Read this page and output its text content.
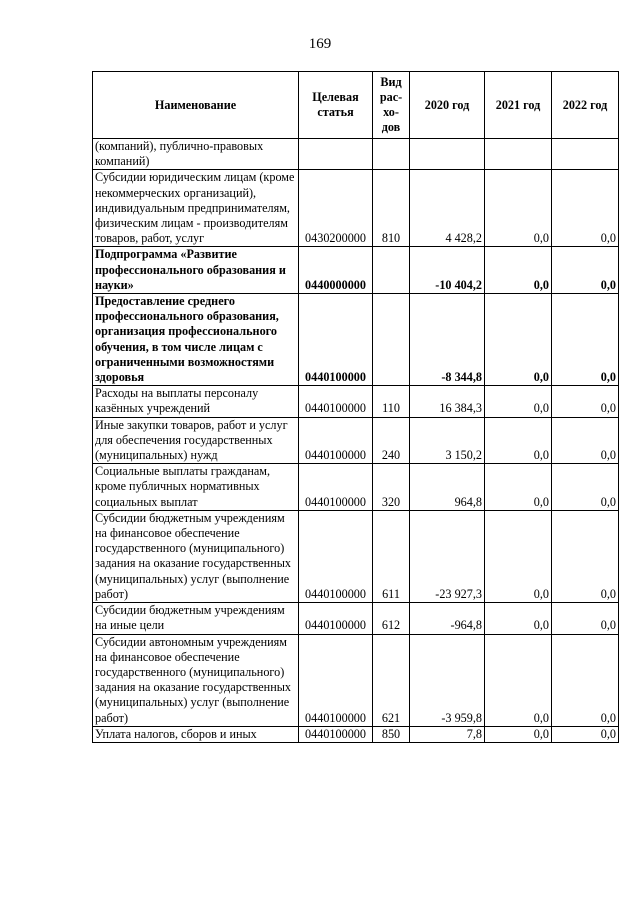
169
Наименование	Целевая статья	Вид рас-хо-дов	2020 год	2021 год	2022 год
(компаний), публично-правовых компаний)					
Субсидии юридическим лицам (кроме некоммерческих организаций), индивидуальным предпринимателям, физическим лицам - производителям товаров, работ, услуг	0430200000	810	4 428,2	0,0	0,0
Подпрограмма «Развитие профессионального образования и науки»	0440000000		-10 404,2	0,0	0,0
Предоставление среднего профессионального образования, организация профессионального обучения, в том числе лицам с ограниченными возможностями здоровья	0440100000		-8 344,8	0,0	0,0
Расходы на выплаты персоналу казённых учреждений	0440100000	110	16 384,3	0,0	0,0
Иные закупки товаров, работ и услуг для обеспечения государственных (муниципальных) нужд	0440100000	240	3 150,2	0,0	0,0
Социальные выплаты гражданам, кроме публичных нормативных социальных выплат	0440100000	320	964,8	0,0	0,0
Субсидии бюджетным учреждениям на финансовое обеспечение государственного (муниципального) задания на оказание государственных (муниципальных) услуг (выполнение работ)	0440100000	611	-23 927,3	0,0	0,0
Субсидии бюджетным учреждениям на иные цели	0440100000	612	-964,8	0,0	0,0
Субсидии автономным учреждениям на финансовое обеспечение государственного (муниципального) задания на оказание государственных (муниципальных) услуг (выполнение работ)	0440100000	621	-3 959,8	0,0	0,0
Уплата налогов, сборов и иных	0440100000	850	7,8	0,0	0,0
